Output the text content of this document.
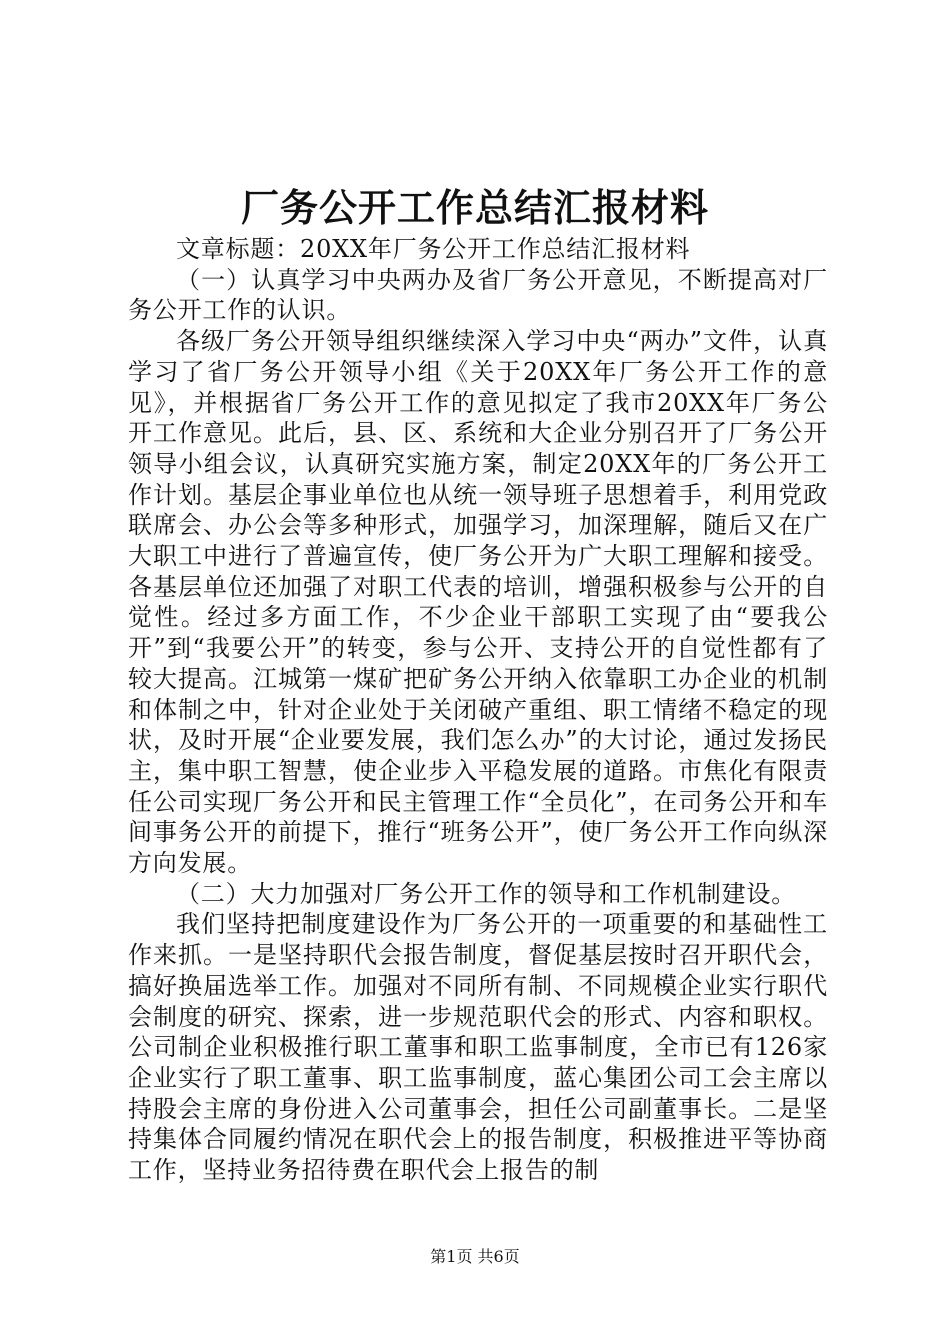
厂务公开工作总结汇报材料

文章标题：20XX年厂务公开工作总结汇报材料

（一）认真学习中央两办及省厂务公开意见，不断提高对厂务公开工作的认识。

各级厂务公开领导组织继续深入学习中央“两办”文件，认真学习了省厂务公开领导小组《关于20XX年厂务公开工作的意见》，并根据省厂务公开工作的意见拟定了我市20XX年厂务公开工作意见。此后，县、区、系统和大企业分别召开了厂务公开领导小组会议，认真研究实施方案，制定20XX年的厂务公开工作计划。基层企事业单位也从统一领导班子思想着手，利用党政联席会、办公会等多种形式，加强学习，加深理解，随后又在广大职工中进行了普遍宣传，使厂务公开为广大职工理解和接受。各基层单位还加强了对职工代表的培训，增强积极参与公开的自觉性。经过多方面工作，不少企业干部职工实现了由“要我公开”到“我要公开”的转变，参与公开、支持公开的自觉性都有了较大提高。江城第一煤矿把矿务公开纳入依靠职工办企业的机制和体制之中，针对企业处于关闭破产重组、职工情绪不稳定的现状，及时开展“企业要发展，我们怎么办”的大讨论，通过发扬民主，集中职工智慧，使企业步入平稳发展的道路。市焦化有限责任公司实现厂务公开和民主管理工作“全员化”，在司务公开和车间事务公开的前提下，推行“班务公开”，使厂务公开工作向纵深方向发展。

（二）大力加强对厂务公开工作的领导和工作机制建设。

我们坚持把制度建设作为厂务公开的一项重要的和基础性工作来抓。一是坚持职代会报告制度，督促基层按时召开职代会，搞好换届选举工作。加强对不同所有制、不同规模企业实行职代会制度的研究、探索，进一步规范职代会的形式、内容和职权。公司制企业积极推行职工董事和职工监事制度，全市已有126家企业实行了职工董事、职工监事制度，蓝心集团公司工会主席以持股会主席的身份进入公司董事会，担任公司副董事长。二是坚持集体合同履约情况在职代会上的报告制度，积极推进平等协商工作，坚持业务招待费在职代会上报告的制

第1页 共6页
